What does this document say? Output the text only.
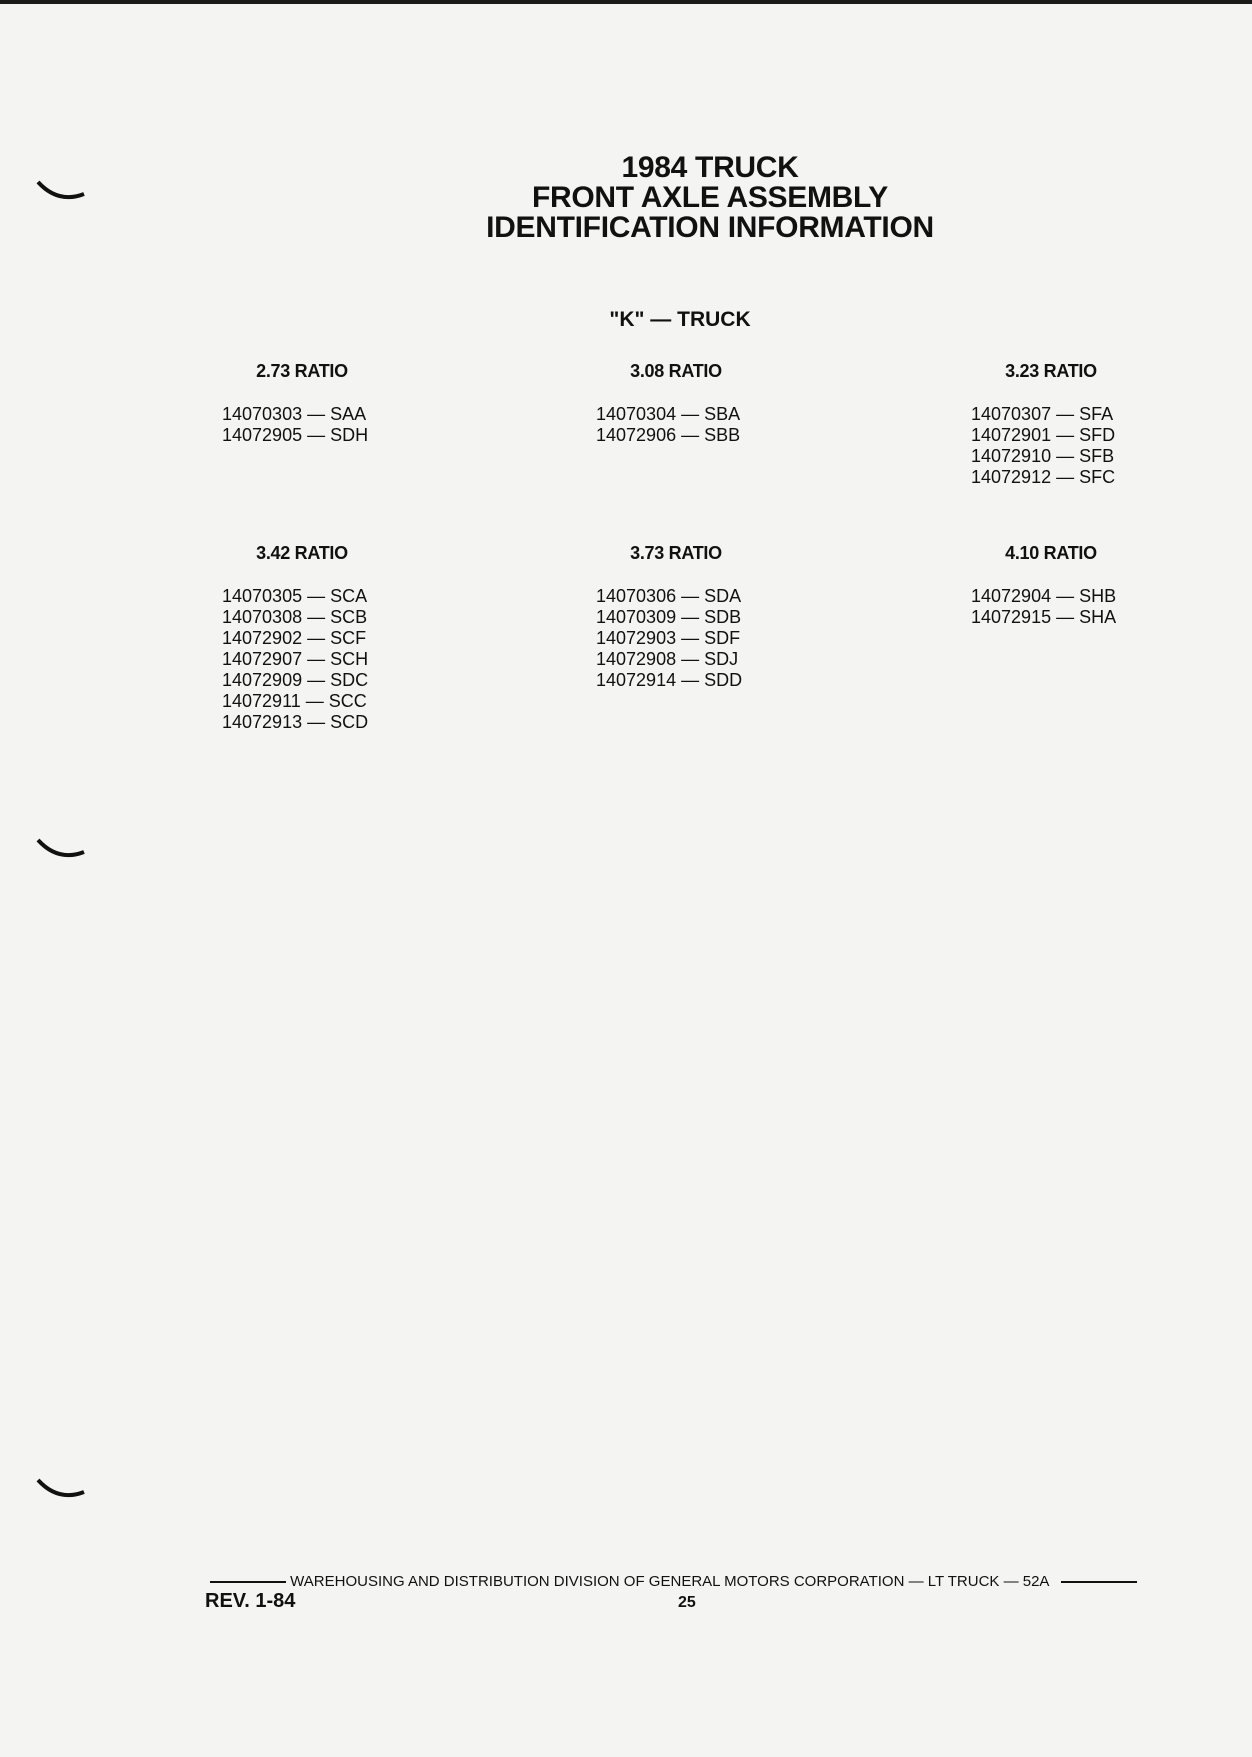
1984 TRUCK
FRONT AXLE ASSEMBLY
IDENTIFICATION INFORMATION
"K" — TRUCK
2.73 RATIO
14070303 — SAA
14072905 — SDH
3.08 RATIO
14070304 — SBA
14072906 — SBB
3.23 RATIO
14070307 — SFA
14072901 — SFD
14072910 — SFB
14072912 — SFC
3.42 RATIO
14070305 — SCA
14070308 — SCB
14072902 — SCF
14072907 — SCH
14072909 — SDC
14072911 — SCC
14072913 — SCD
3.73 RATIO
14070306 — SDA
14070309 — SDB
14072903 — SDF
14072908 — SDJ
14072914 — SDD
4.10 RATIO
14072904 — SHB
14072915 — SHA
WAREHOUSING AND DISTRIBUTION DIVISION OF GENERAL MOTORS CORPORATION — LT TRUCK — 52A
REV. 1-84	25
